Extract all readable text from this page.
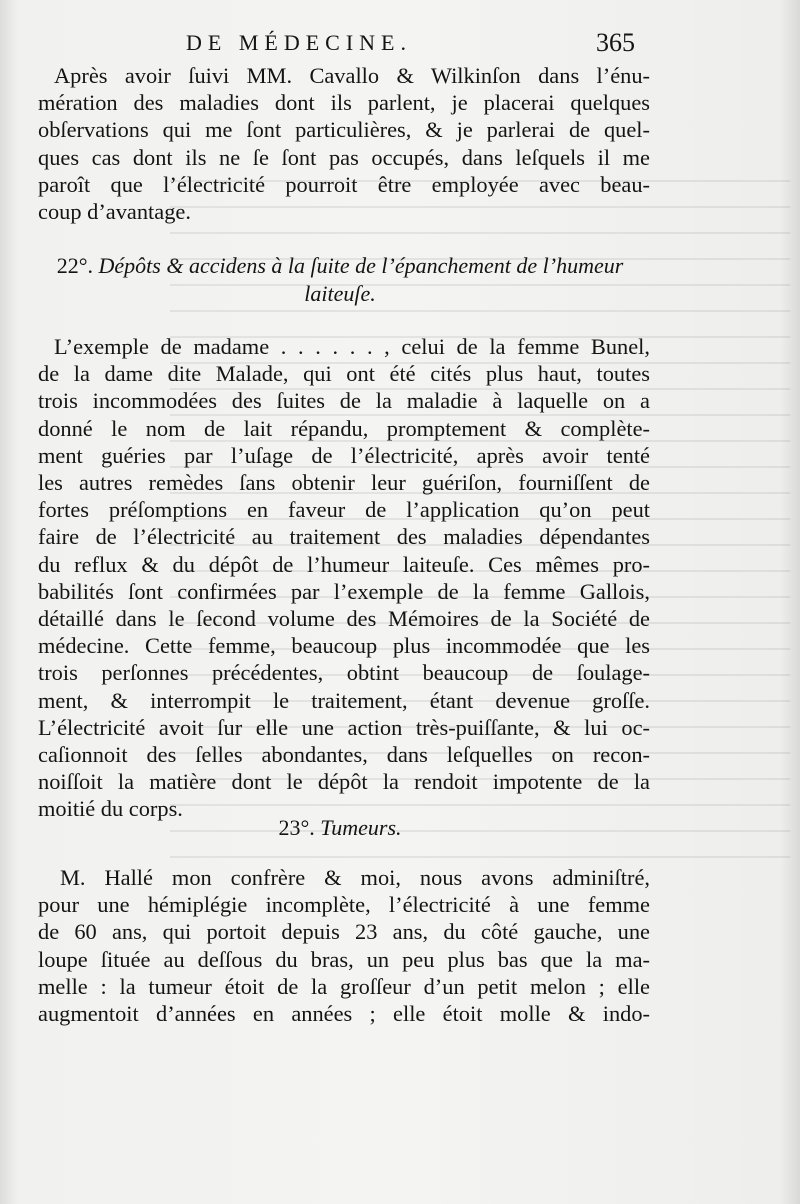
DE MÉDECINE.	365
Après avoir ſuivi MM. Cavallo & Wilkinſon dans l’énu-
mération des maladies dont ils parlent, je placerai quelques
obſervations qui me ſont particulières, & je parlerai de quel-
ques cas dont ils ne ſe ſont pas occupés, dans leſquels il me
paroît que l’électricité pourroit être employée avec beau-
coup d’avantage.
22°. Dépôts & accidens à la ſuite de l’épanchement de l’humeur
laiteuſe.
L’exemple de madame . . . . . . , celui de la femme Bunel,
de la dame dite Malade, qui ont été cités plus haut, toutes
trois incommodées des ſuites de la maladie à laquelle on a
donné le nom de lait répandu, promptement & complète-
ment guéries par l’uſage de l’électricité, après avoir tenté
les autres remèdes ſans obtenir leur guériſon, fourniſſent de
fortes préſomptions en faveur de l’application qu’on peut
faire de l’électricité au traitement des maladies dépendantes
du reflux & du dépôt de l’humeur laiteuſe. Ces mêmes pro-
babilités ſont confirmées par l’exemple de la femme Gallois,
détaillé dans le ſecond volume des Mémoires de la Société de
médecine. Cette femme, beaucoup plus incommodée que les
trois perſonnes précédentes, obtint beaucoup de ſoulage-
ment, & interrompit le traitement, étant devenue groſſe.
L’électricité avoit ſur elle une action très-puiſſante, & lui oc-
caſionnoit des ſelles abondantes, dans leſquelles on recon-
noiſſoit la matière dont le dépôt la rendoit impotente de la
moitié du corps.
23°. Tumeurs.
M. Hallé mon confrère & moi, nous avons adminiſtré,
pour une hémiplégie incomplète, l’électricité à une femme
de 60 ans, qui portoit depuis 23 ans, du côté gauche, une
loupe ſituée au deſſous du bras, un peu plus bas que la ma-
melle : la tumeur étoit de la groſſeur d’un petit melon ; elle
augmentoit d’années en années ; elle étoit molle & indo-
